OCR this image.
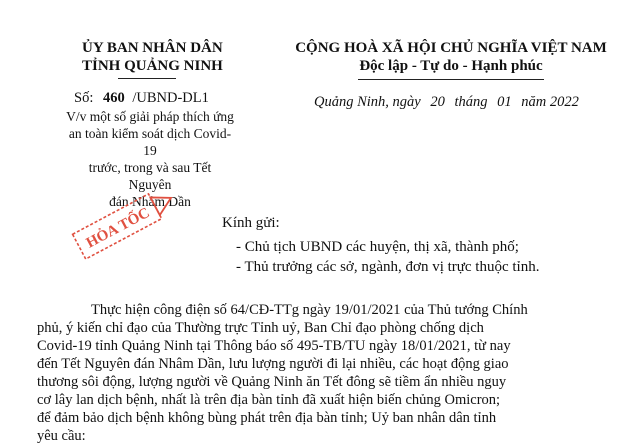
ỦY BAN NHÂN DÂN
TỈNH QUẢNG NINH
Số: 460 /UBND-DL1
V/v một số giải pháp thích ứng
an toàn kiểm soát dịch Covid-19
trước, trong và sau Tết Nguyên
đán Nhâm Dần
CỘNG HOÀ XÃ HỘI CHỦ NGHĨA VIỆT NAM
Độc lập - Tự do - Hạnh phúc
Quảng Ninh, ngày 20 tháng 01 năm 2022
HỎA TỐC	Kính gửi:
- Chủ tịch UBND các huyện, thị xã, thành phố;
- Thủ trưởng các sở, ngành, đơn vị trực thuộc tỉnh.
Thực hiện công điện số 64/CĐ-TTg ngày 19/01/2021 của Thủ tướng Chính
phủ, ý kiến chỉ đạo của Thường trực Tỉnh uỷ, Ban Chỉ đạo phòng chống dịch
Covid-19 tỉnh Quảng Ninh tại Thông báo số 495-TB/TU ngày 18/01/2021, từ nay
đến Tết Nguyên đán Nhâm Dần, lưu lượng người đi lại nhiều, các hoạt động giao
thương sôi động, lượng người về Quảng Ninh ăn Tết đông sẽ tiềm ẩn nhiều nguy
cơ lây lan dịch bệnh, nhất là trên địa bàn tỉnh đã xuất hiện biến chủng Omicron;
để đảm bảo dịch bệnh không bùng phát trên địa bàn tỉnh; Uỷ ban nhân dân tỉnh
yêu cầu:
